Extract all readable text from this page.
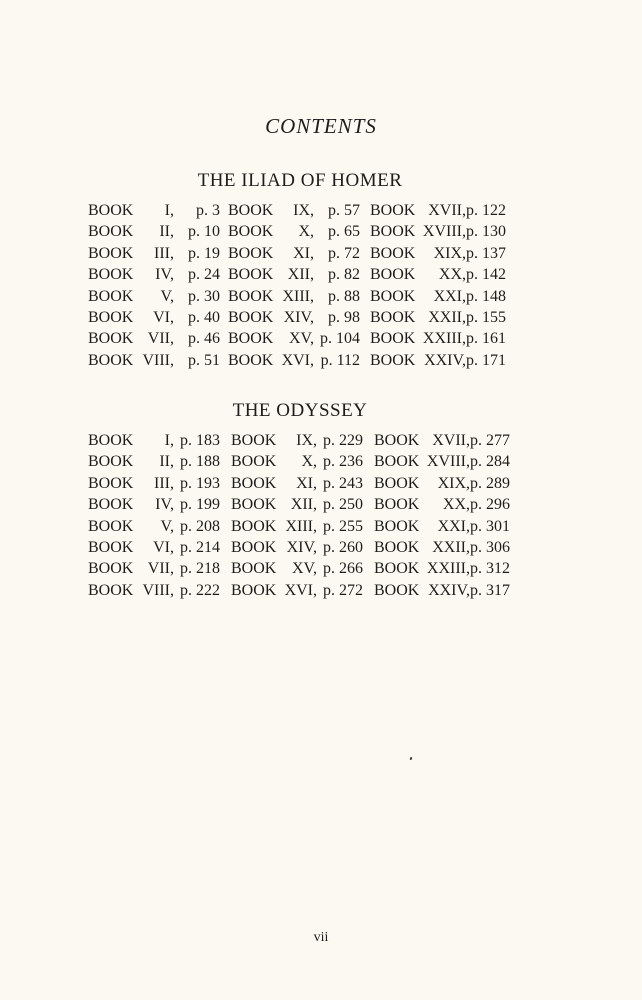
CONTENTS
THE ILIAD OF HOMER
BOOK	I,	p. 3 BOOK	IX, p. 57 BOOK XVII, p. 122
BOOK	II, p. 10 BOOK	X, p. 65 BOOK XVIII, p. 130
BOOK	III, p. 19 BOOK	XI, p. 72 BOOK	XIX, p. 137
BOOK	IV, p. 24 BOOK XII, p. 82 BOOK	XX, p. 142
BOOK	V, p. 30 BOOK XIII, p. 88 BOOK	XXI, p. 148
BOOK	VI, p. 40 BOOK XIV, p. 98 BOOK XXII, p. 155
BOOK VII, p. 46 BOOK XV, p. 104 BOOK XXIII, p. 161
BOOK VIII, p. 51 BOOK XVI, p. 112 BOOK XXIV, p. 171
THE ODYSSEY
BOOK	I, p. 183 BOOK	IX, p. 229 BOOK XVII, p. 277
BOOK	II, p. 188 BOOK	X, p. 236 BOOK XVIII, p. 284
BOOK	III, p. 193 BOOK	XI, p. 243 BOOK	XIX, p. 289
BOOK	IV, p. 199 BOOK XII, p. 250 BOOK	XX, p. 296
BOOK	V, p. 208 BOOK XIII, p. 255 BOOK	XXI, p. 301
BOOK	VI, p. 214 BOOK XIV, p. 260 BOOK XXII, p. 306
BOOK VII, p. 218 BOOK XV, p. 266 BOOK XXIII, p. 312
BOOK VIII, p. 222 BOOK XVI, p. 272 BOOK XXIV, p. 317
vii
